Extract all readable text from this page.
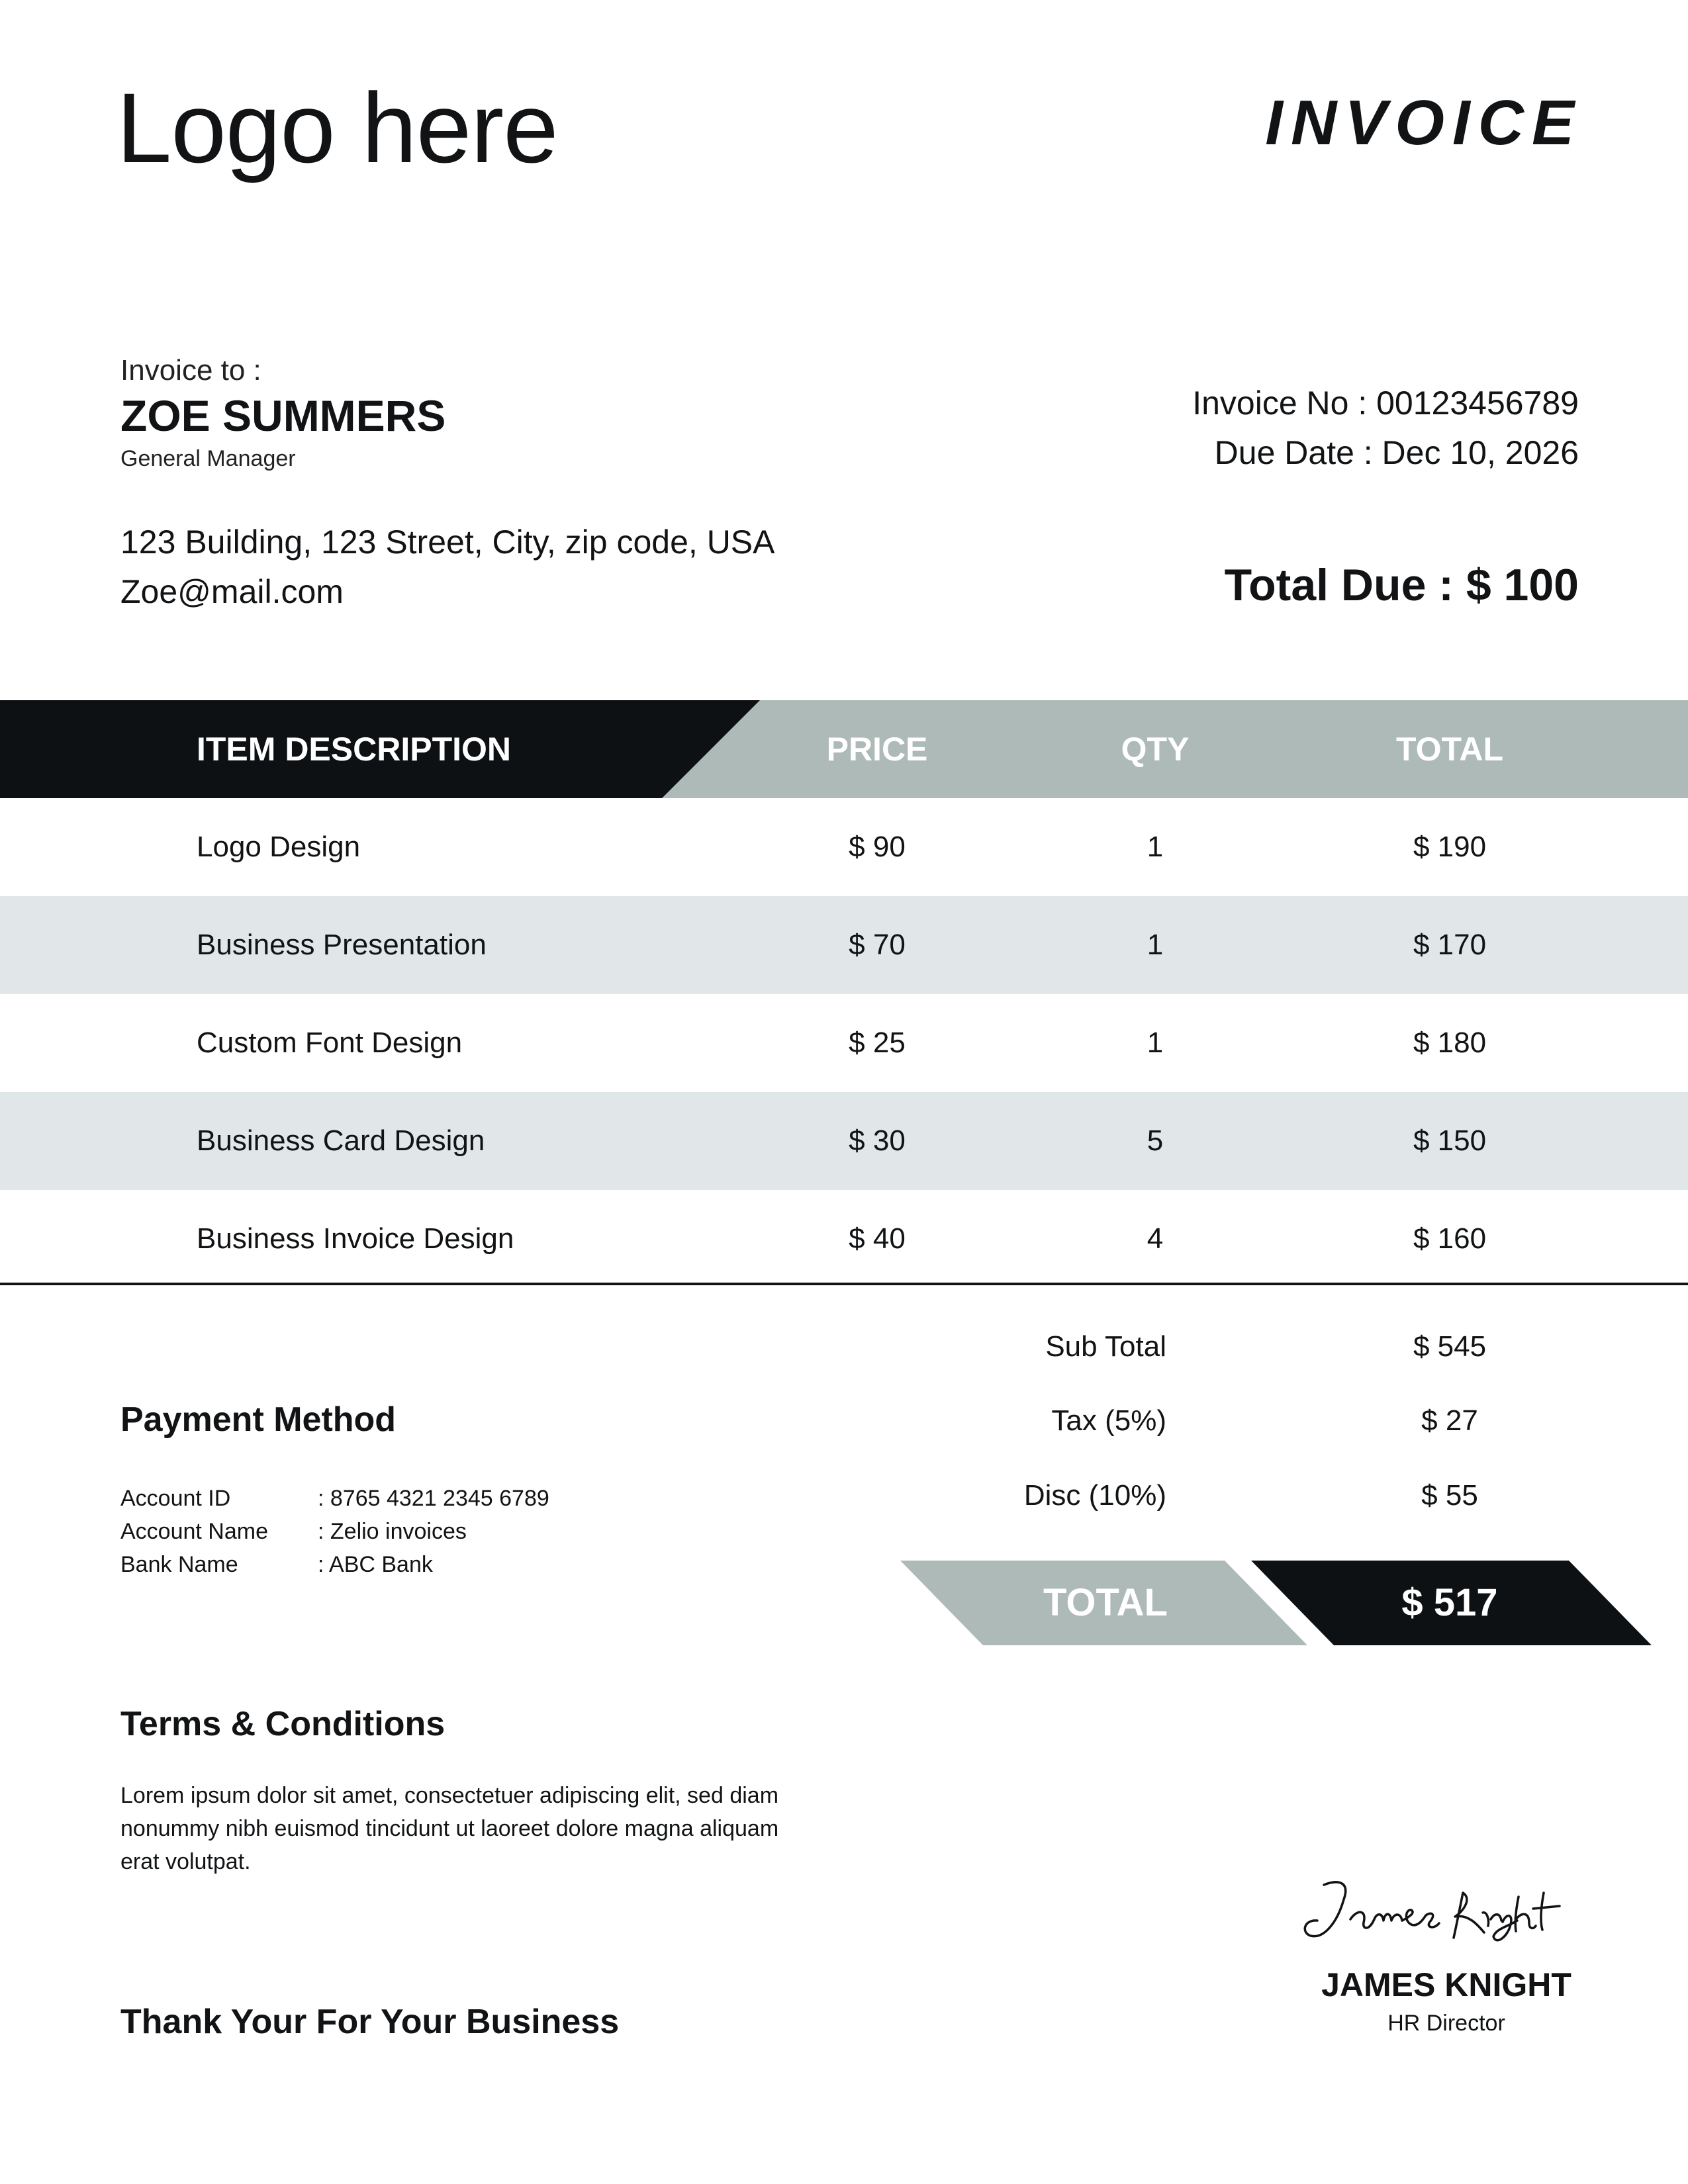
Logo here	INVOICE
Invoice to :
ZOE SUMMERS
General Manager
123 Building, 123 Street, City, zip code, USA
Zoe@mail.com
Invoice No : 00123456789
Due Date : Dec 10, 2026
Total Due : $ 100
ITEM DESCRIPTION	PRICE	QTY	TOTAL
Logo Design	$ 90	1	$ 190
Business Presentation	$ 70	1	$ 170
Custom Font Design	$ 25	1	$ 180
Business Card Design	$ 30	5	$ 150
Business Invoice Design	$ 40	4	$ 160
Sub Total	$ 545
Tax (5%)	$ 27
Disc (10%)	$ 55
TOTAL	$ 517
Payment Method
Account ID	: 8765 4321 2345 6789
Account Name : Zelio invoices
Bank Name	: ABC Bank
Terms & Conditions
Lorem ipsum dolor sit amet, consectetuer adipiscing elit, sed diam nonummy nibh euismod tincidunt ut laoreet dolore magna aliquam erat volutpat.
Thank Your For Your Business
JAMES KNIGHT
HR Director
